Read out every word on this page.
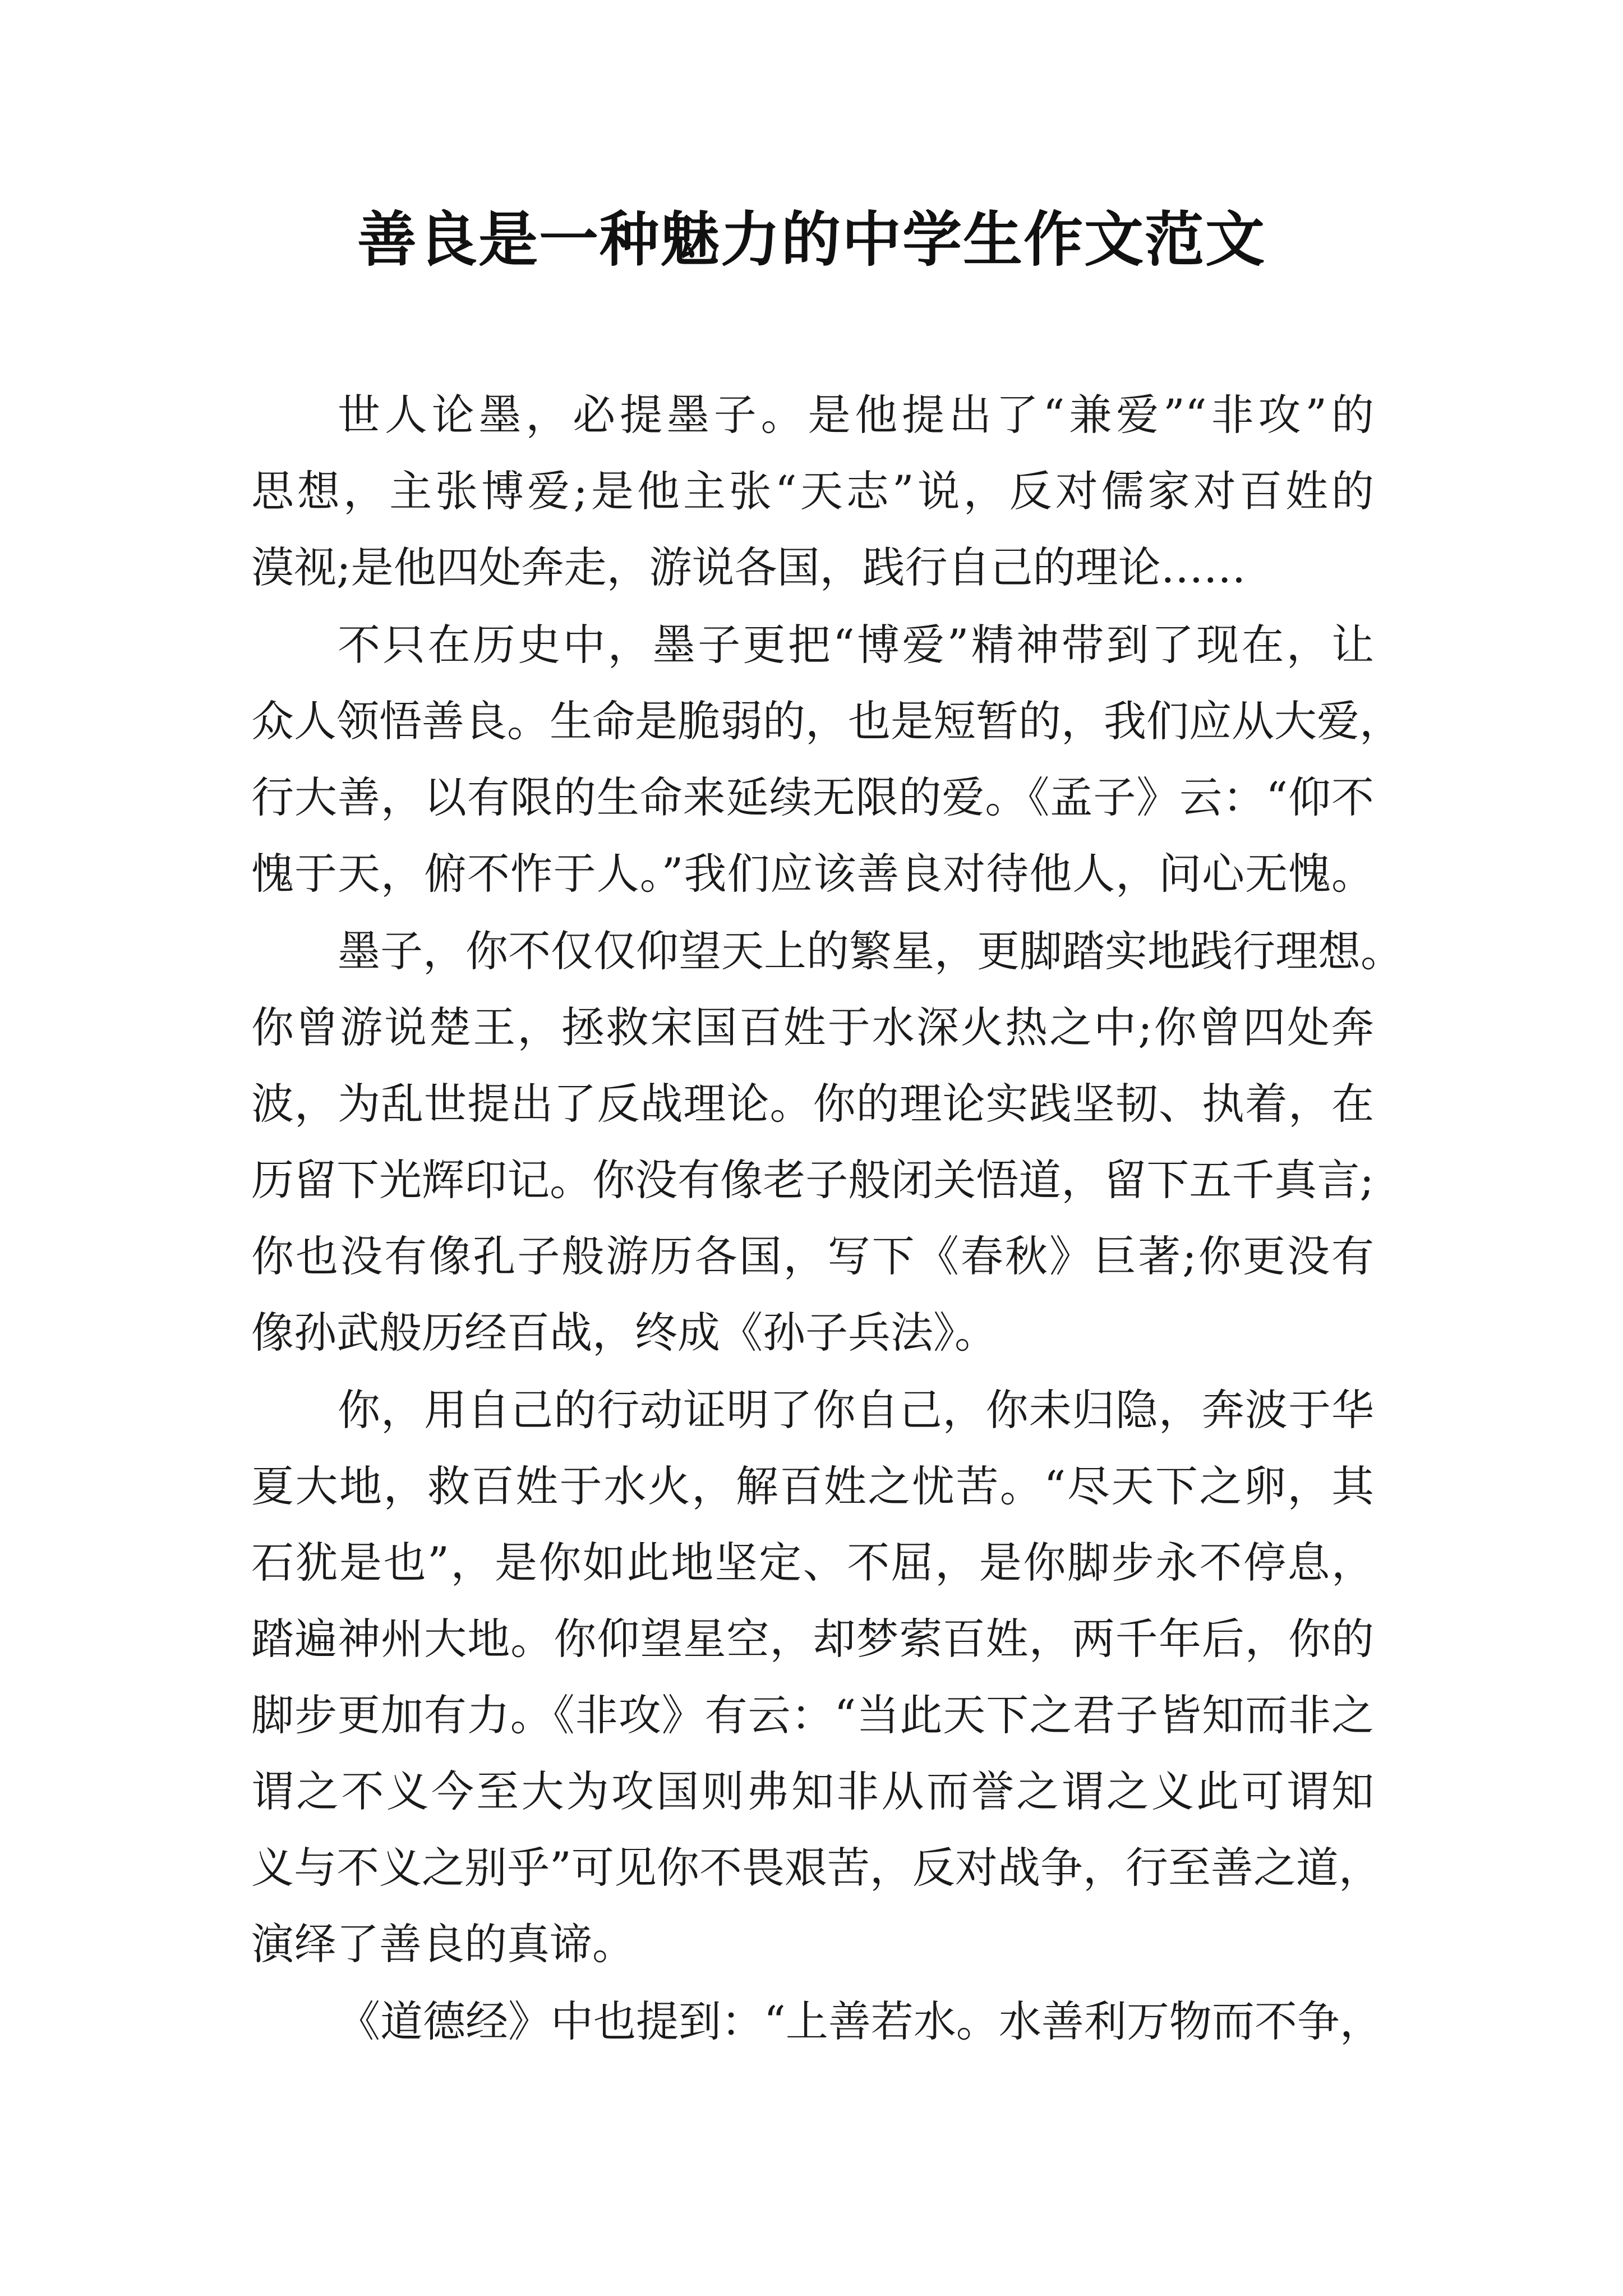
善良是一种魅力的中学生作文范文
世人论墨，必提墨子。是他提出了“兼爱”“非攻”的
思想，主张博爱;是他主张“天志”说，反对儒家对百姓的
漠视;是他四处奔走，游说各国，践行自己的理论……
不只在历史中，墨子更把“博爱”精神带到了现在，让
众人领悟善良。生命是脆弱的，也是短暂的，我们应从大爱，
行大善，以有限的生命来延续无限的爱。《孟子》云：“仰不
愧于天，俯不怍于人。”我们应该善良对待他人，问心无愧。
墨子，你不仅仅仰望天上的繁星，更脚踏实地践行理想。
你曾游说楚王，拯救宋国百姓于水深火热之中;你曾四处奔
波，为乱世提出了反战理论。你的理论实践坚韧、执着，在
历留下光辉印记。你没有像老子般闭关悟道，留下五千真言;
你也没有像孔子般游历各国，写下《春秋》巨著;你更没有
像孙武般历经百战，终成《孙子兵法》。
你，用自己的行动证明了你自己，你未归隐，奔波于华
夏大地，救百姓于水火，解百姓之忧苦。“尽天下之卵，其
石犹是也”，是你如此地坚定、不屈，是你脚步永不停息，
踏遍神州大地。你仰望星空，却梦萦百姓，两千年后，你的
脚步更加有力。《非攻》有云：“当此天下之君子皆知而非之
谓之不义今至大为攻国则弗知非从而誉之谓之义此可谓知
义与不义之别乎”可见你不畏艰苦，反对战争，行至善之道，
演绎了善良的真谛。
《道德经》中也提到：“上善若水。水善利万物而不争，
